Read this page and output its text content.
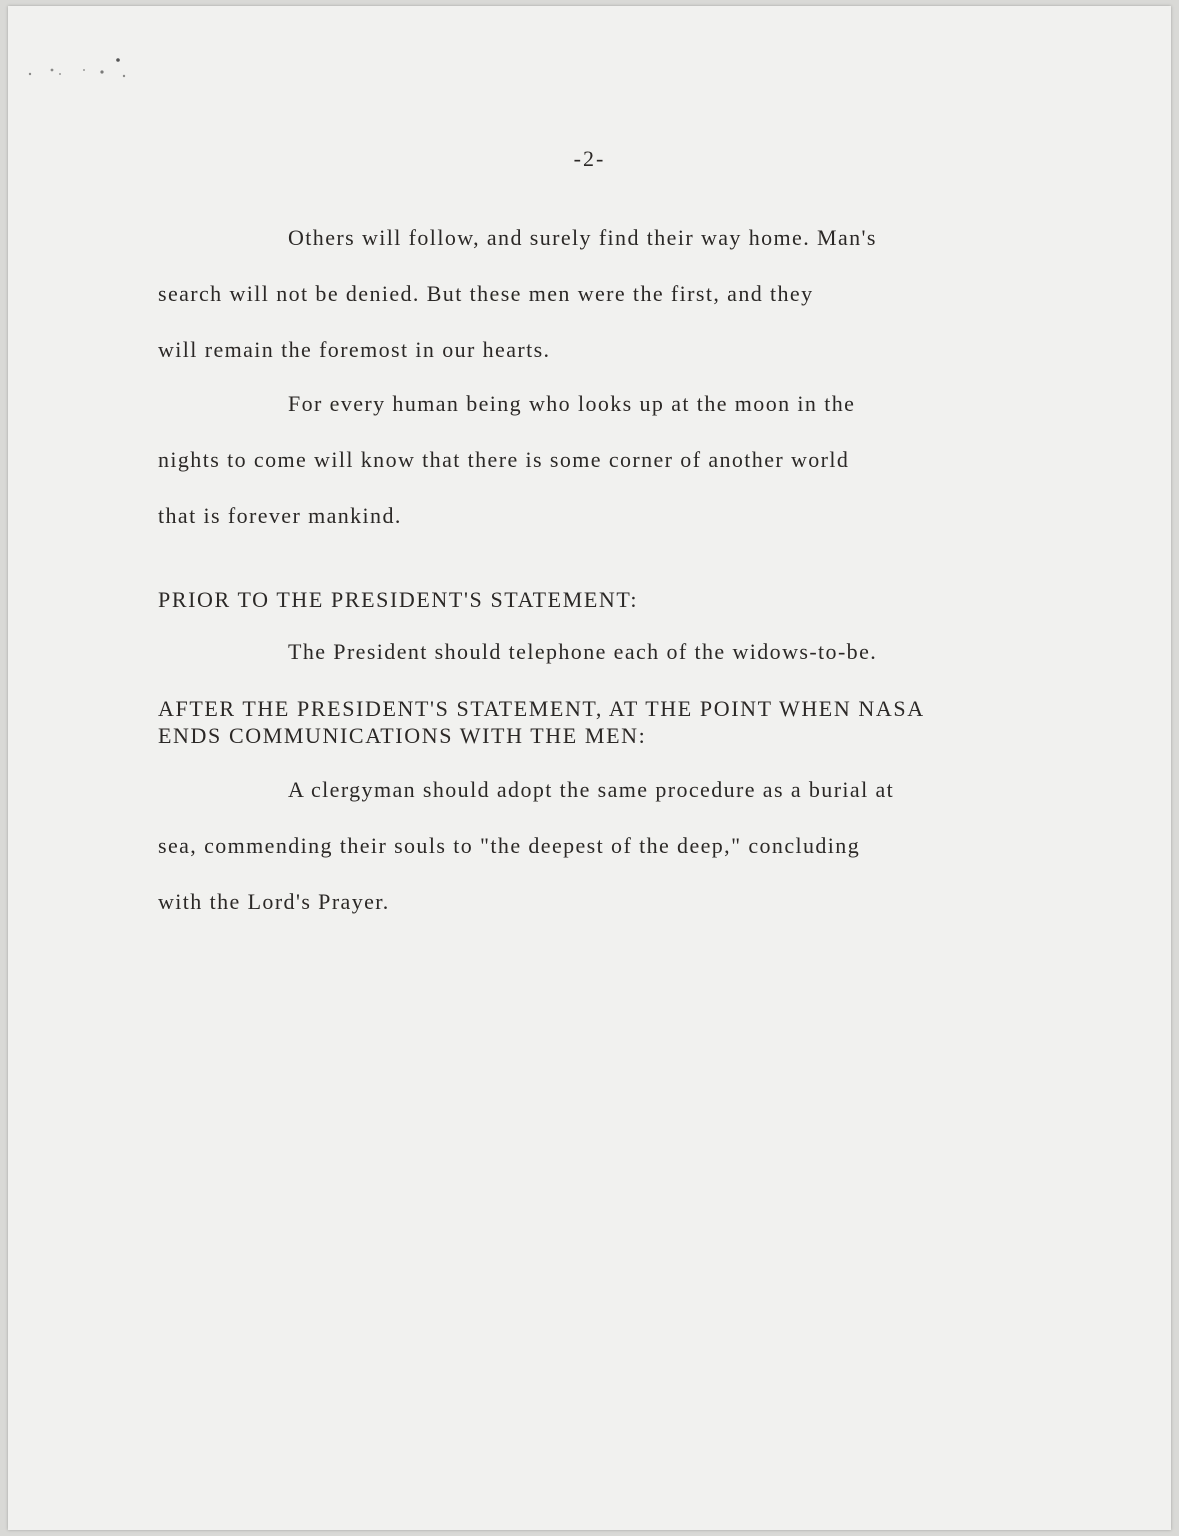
-2-

Others will follow, and surely find their way home. Man's
search will not be denied. But these men were the first, and they
will remain the foremost in our hearts.

For every human being who looks up at the moon in the
nights to come will know that there is some corner of another world
that is forever mankind.

PRIOR TO THE PRESIDENT'S STATEMENT:

The President should telephone each of the widows-to-be.

AFTER THE PRESIDENT'S STATEMENT, AT THE POINT WHEN NASA
ENDS COMMUNICATIONS WITH THE MEN:

A clergyman should adopt the same procedure as a burial at
sea, commending their souls to "the deepest of the deep," concluding
with the Lord's Prayer.
